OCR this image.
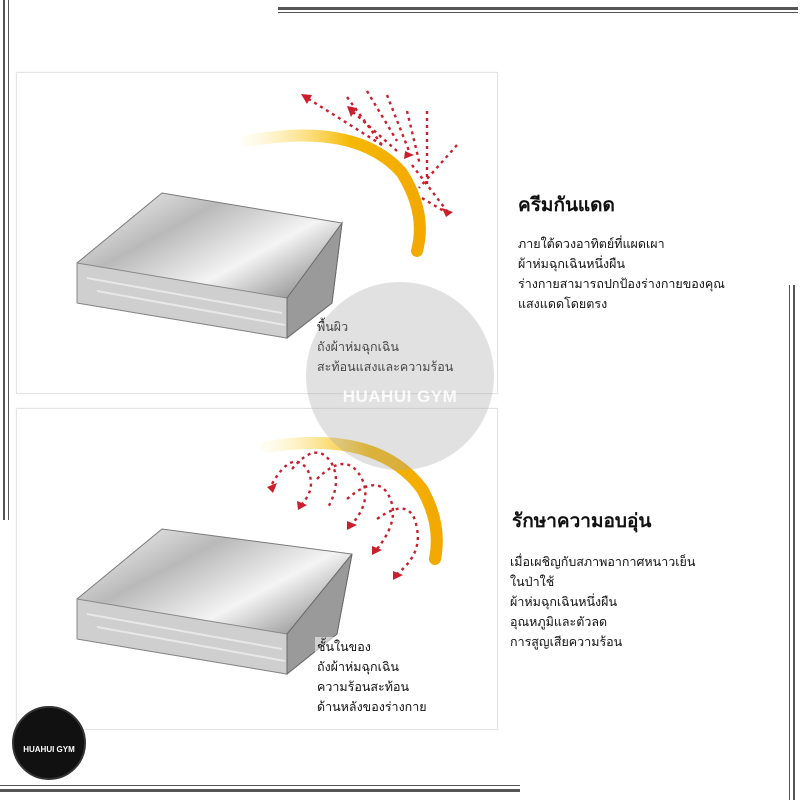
พื้นผิว
ถังผ้าห่มฉุกเฉิน
สะท้อนแสงและความร้อน
ชั้นในของ
ถังผ้าห่มฉุกเฉิน
ความร้อนสะท้อน
ด้านหลังของร่างกาย
HUAHUI GYM
ครีมกันแดด
ภายใต้ดวงอาทิตย์ที่แผดเผา
ผ้าห่มฉุกเฉินหนึ่งผืน
ร่างกายสามารถปกป้องร่างกายของคุณ
แสงแดดโดยตรง
รักษาความอบอุ่น
เมื่อเผชิญกับสภาพอากาศหนาวเย็น
ในป่าใช้
ผ้าห่มฉุกเฉินหนึ่งผืน
อุณหภูมิและตัวลด
การสูญเสียความร้อน
HUAHUI GYM
